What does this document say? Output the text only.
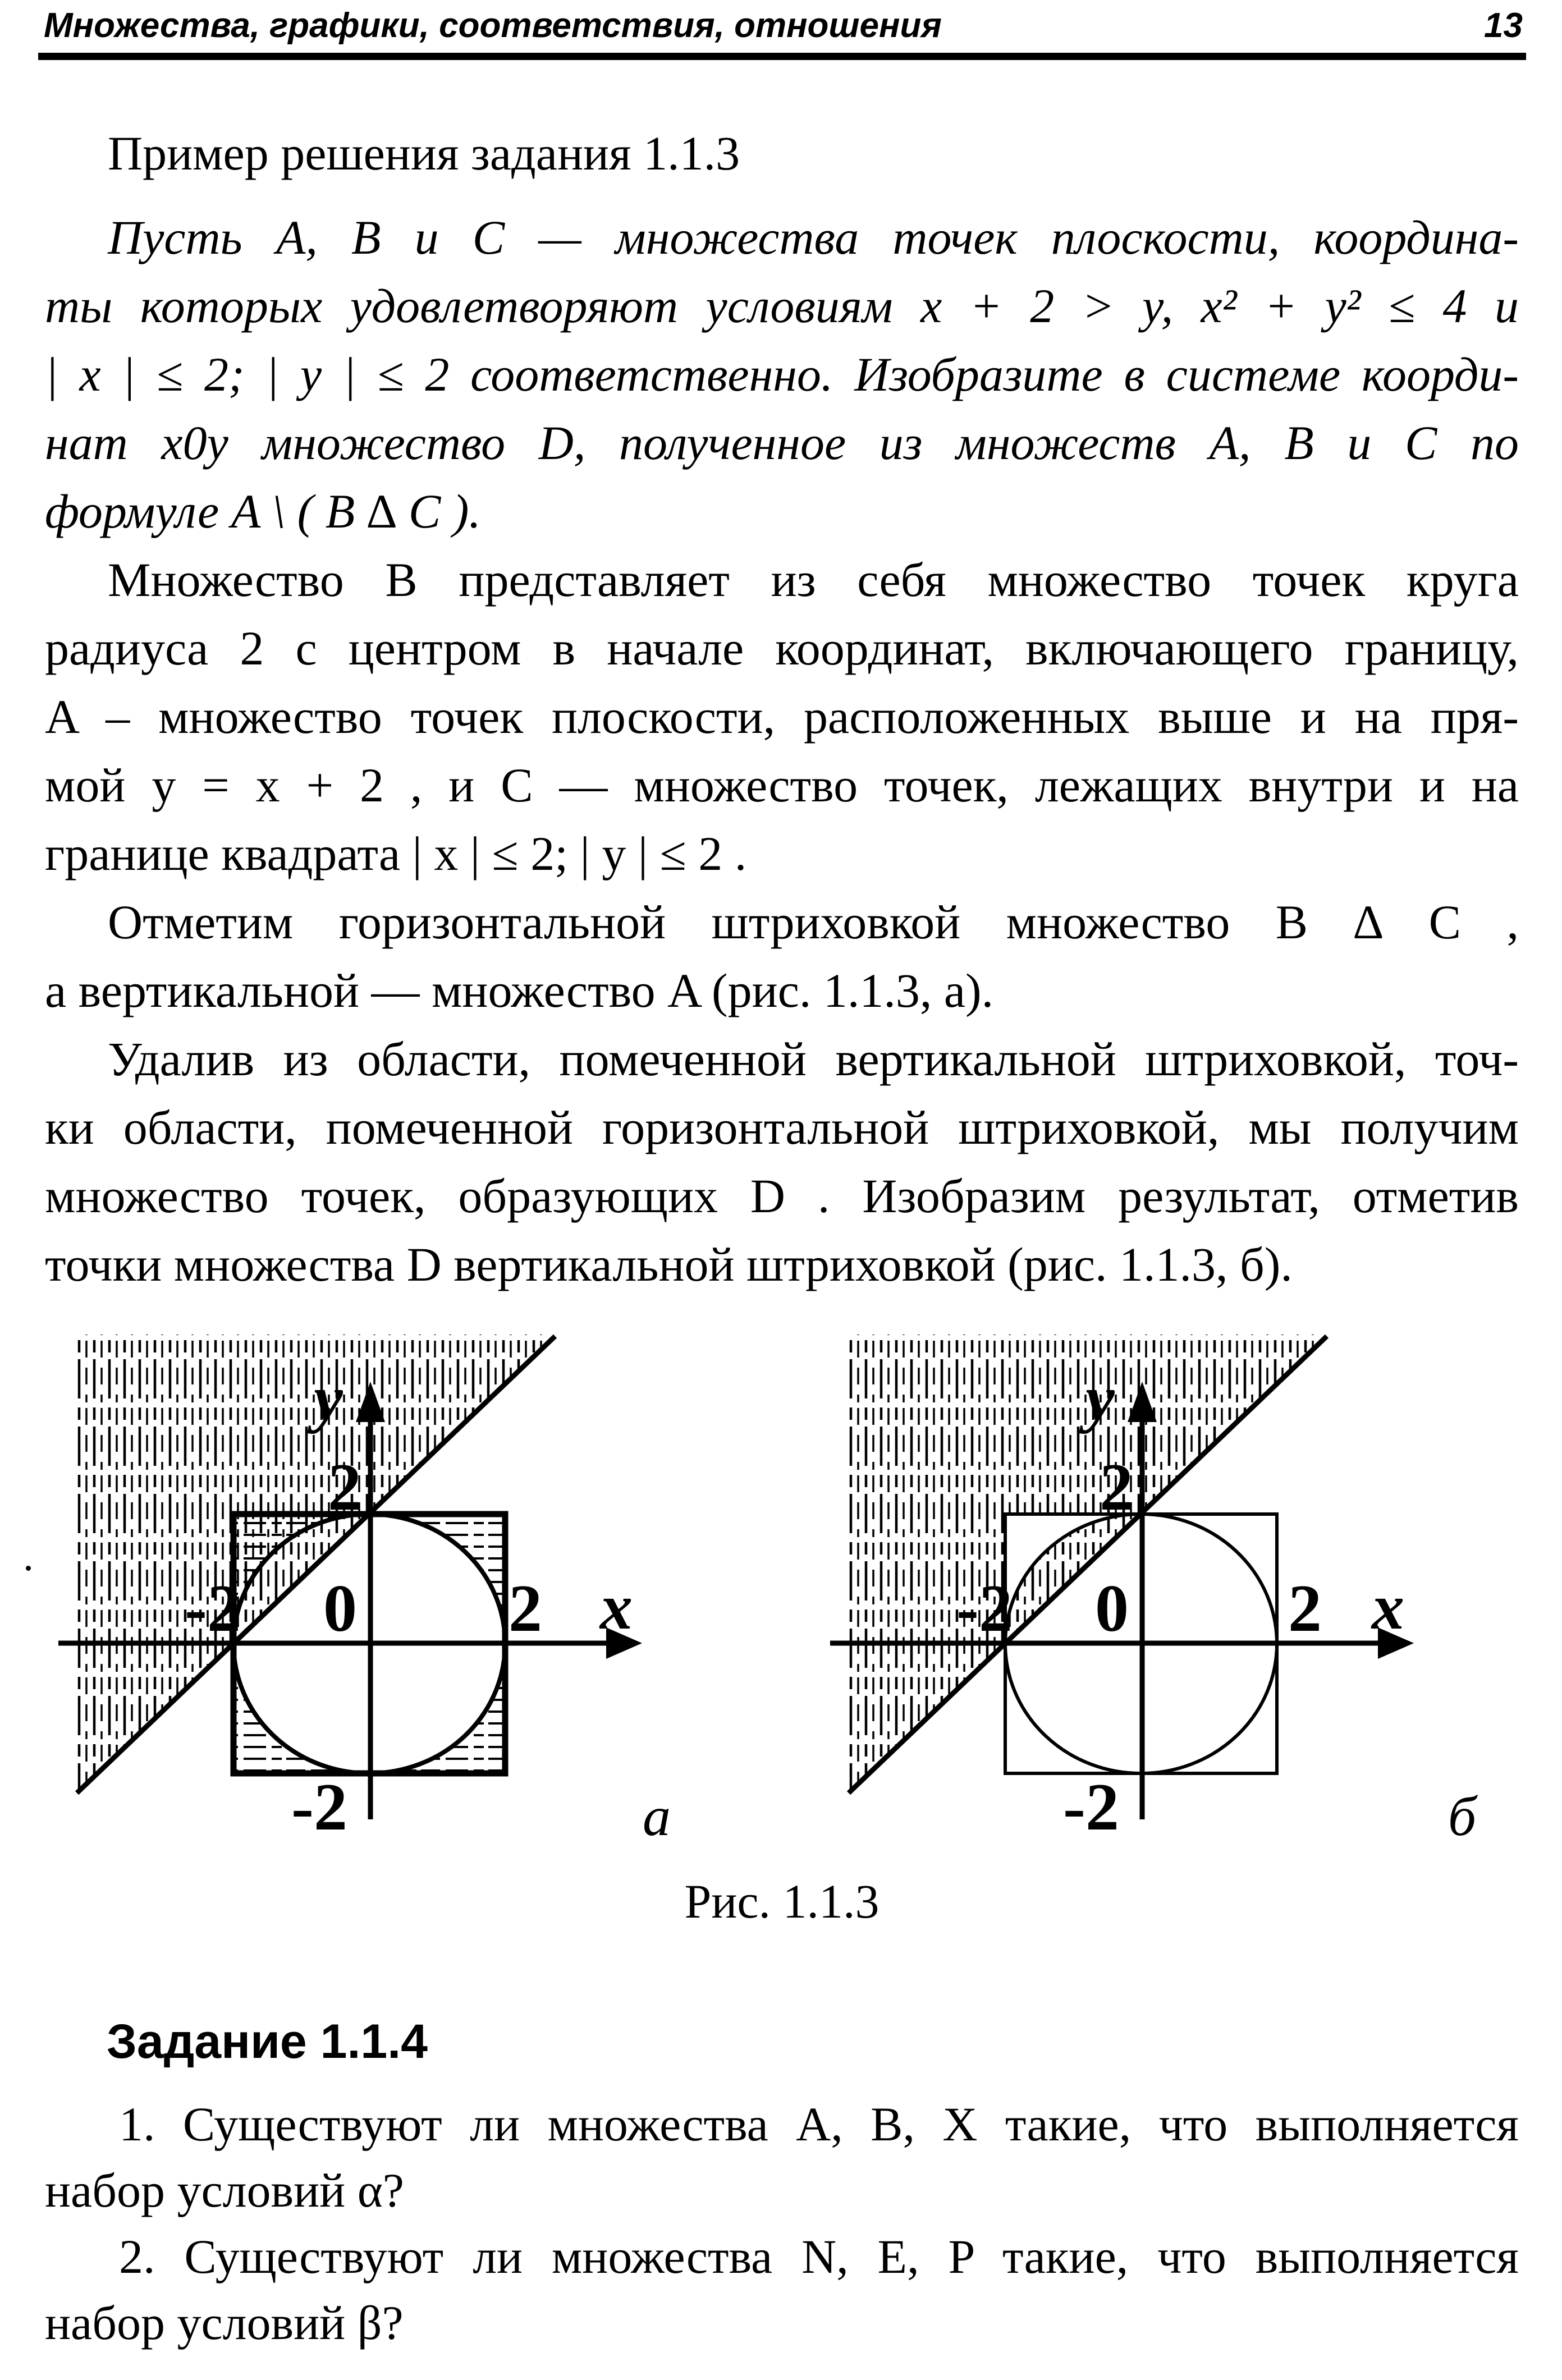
Множества, графики, соответствия, отношения	13

Пример решения задания 1.1.3

Пусть A, B и C — множества точек плоскости, координа-
ты которых удовлетворяют условиям x + 2 > y, x² + y² ≤ 4 и
| x | ≤ 2; | y | ≤ 2 соответственно. Изобразите в системе коорди-
нат x0y множество D, полученное из множеств A, B и C по
формуле A \ ( B ∆ C ).
Множество B представляет из себя множество точек круга
радиуса 2 с центром в начале координат, включающего границу,
A – множество точек плоскости, расположенных выше и на пря-
мой y = x + 2 , и C — множество точек, лежащих внутри и на
границе квадрата | x | ≤ 2; | y | ≤ 2 .
Отметим горизонтальной штриховкой множество B ∆ C ,
а вертикальной — множество A (рис. 1.1.3, а).
Удалив из области, помеченной вертикальной штриховкой, точ-
ки области, помеченной горизонтальной штриховкой, мы получим
множество точек, образующих D . Изобразим результат, отметив
точки множества D вертикальной штриховкой (рис. 1.1.3, б).
y
2
-2 0 2 x
-2	а
y
2
-2 0 2 x
-2	б
Рис. 1.1.3
Задание 1.1.4
1. Существуют ли множества A, B, X такие, что выполняется
набор условий α?
2. Существуют ли множества N, E, P такие, что выполняется
набор условий β?
